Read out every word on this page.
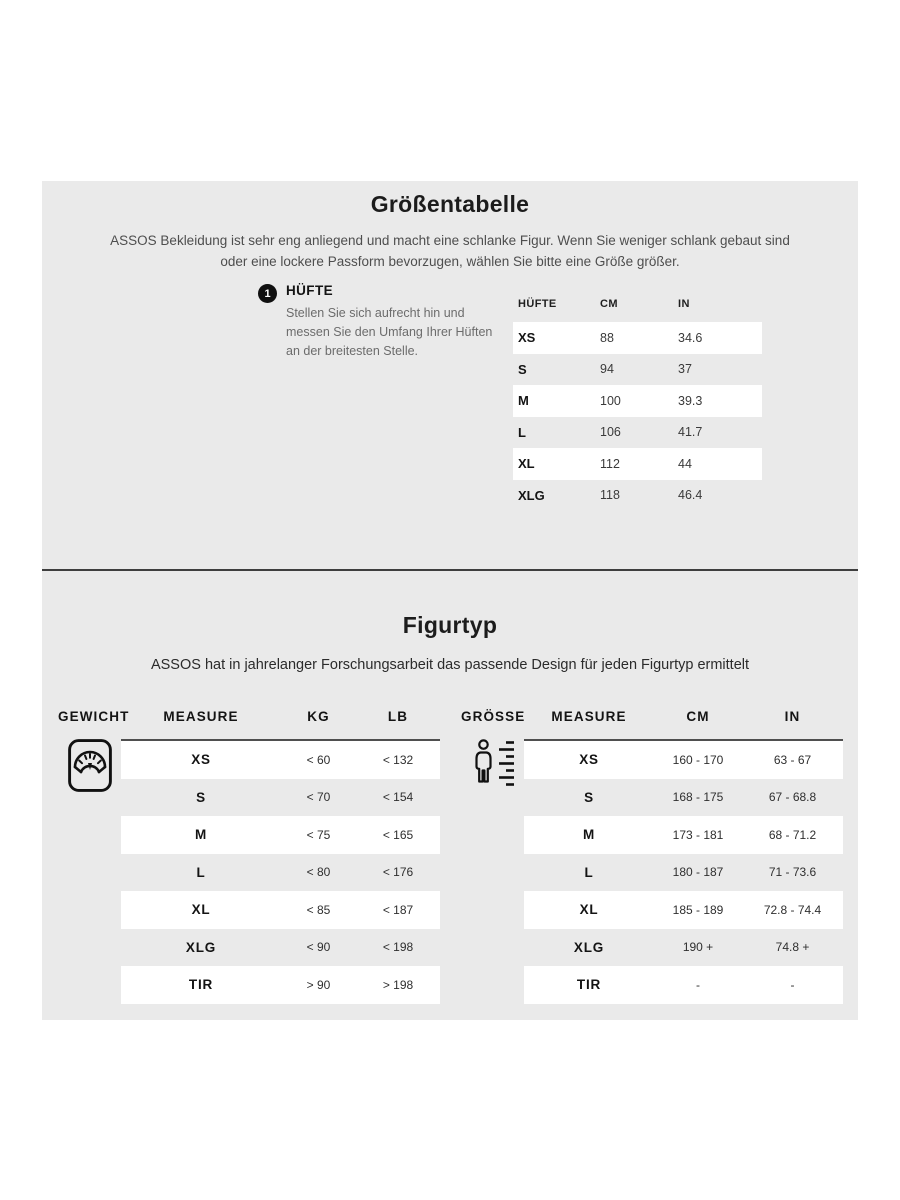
Größentabelle

ASSOS Bekleidung ist sehr eng anliegend und macht eine schlanke Figur. Wenn Sie weniger schlank gebaut sind oder eine lockere Passform bevorzugen, wählen Sie bitte eine Größe größer.

1	HÜFTE
Stellen Sie sich aufrecht hin und messen Sie den Umfang Ihrer Hüften an der breitesten Stelle.
HÜFTE	CM	IN
XS	88	34.6
S	94	37
M	100	39.3
L	106	41.7
XL	112	44
XLG	118	46.4
Figurtyp

ASSOS hat in jahrelanger Forschungsarbeit das passende Design für jeden Figurtyp ermittelt

GEWICHT	MEASURE	KG	LB
XS	< 60	< 132
S	< 70	< 154
M	< 75	< 165
L	< 80	< 176
XL	< 85	< 187
XLG	< 90	< 198
TIR	> 90	> 198
GRÖSSE	MEASURE	CM	IN
XS	160 - 170	63 - 67
S	168 - 175	67 - 68.8
M	173 - 181	68 - 71.2
L	180 - 187	71 - 73.6
XL	185 - 189	72.8 - 74.4
XLG	190 +	74.8 +
TIR	-	-
